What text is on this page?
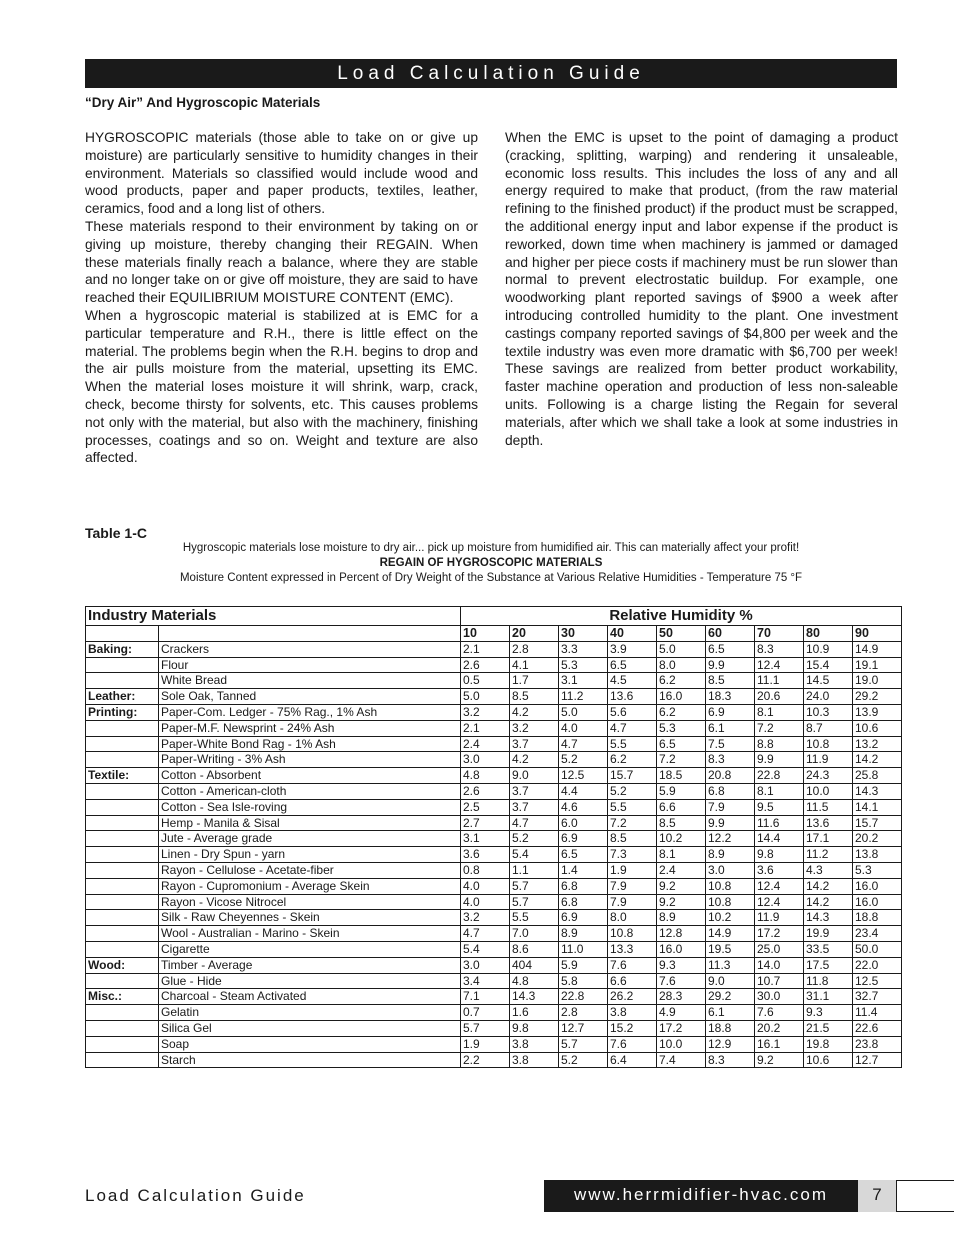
Load Calculation Guide
“Dry Air” And Hygroscopic Materials

HYGROSCOPIC materials (those able to take on or give up moisture) are particularly sensitive to humidity changes in their environment. Materials so classified would include wood and wood products, paper and paper products, textiles, leather, ceramics, food and a long list of others.

These materials respond to their environment by taking on or giving up moisture, thereby changing their REGAIN. When these materials finally reach a balance, where they are stable and no longer take on or give off moisture, they are said to have reached their EQUILIBRIUM MOISTURE CONTENT (EMC).

When a hygroscopic material is stabilized at is EMC for a particular temperature and R.H., there is little effect on the material. The problems begin when the R.H. begins to drop and the air pulls moisture from the material, upsetting its EMC. When the material loses moisture it will shrink, warp, crack, check, become thirsty for solvents, etc. This causes problems not only with the material, but also with the machinery, finishing processes, coatings and so on. Weight and texture are also affected.

When the EMC is upset to the point of damaging a product (cracking, splitting, warping) and rendering it unsaleable, economic loss results. This includes the loss of any and all energy required to make that product, (from the raw material refining to the finished product) if the product must be scrapped, the additional energy input and labor expense if the product is reworked, down time when machinery is jammed or damaged and higher per piece costs if machinery must be run slower than normal to prevent electrostatic buildup. For example, one woodworking plant reported savings of $900 a week after introducing controlled humidity to the plant. One investment castings company reported savings of $4,800 per week and the textile industry was even more dramatic with $6,700 per week! These savings are realized from better product workability, faster machine operation and production of less non-saleable units. Following is a charge listing the Regain for several materials, after which we shall take a look at some industries in depth.

Table 1-C
Hygroscopic materials lose moisture to dry air... pick up moisture from humidified air. This can materially affect your profit!
REGAIN OF HYGROSCOPIC MATERIALS
Moisture Content expressed in Percent of Dry Weight of the Substance at Various Relative Humidities - Temperature 75 °F
Industry Materials		Relative Humidity %								
		10	20	30	40	50	60	70	80	90
Baking:	Crackers	2.1	2.8	3.3	3.9	5.0	6.5	8.3	10.9	14.9
	Flour	2.6	4.1	5.3	6.5	8.0	9.9	12.4	15.4	19.1
	White Bread	0.5	1.7	3.1	4.5	6.2	8.5	11.1	14.5	19.0
Leather:	Sole Oak, Tanned	5.0	8.5	11.2	13.6	16.0	18.3	20.6	24.0	29.2
Printing:	Paper-Com. Ledger - 75% Rag., 1% Ash	3.2	4.2	5.0	5.6	6.2	6.9	8.1	10.3	13.9
	Paper-M.F. Newsprint - 24% Ash	2.1	3.2	4.0	4.7	5.3	6.1	7.2	8.7	10.6
	Paper-White Bond Rag - 1% Ash	2.4	3.7	4.7	5.5	6.5	7.5	8.8	10.8	13.2
	Paper-Writing - 3% Ash	3.0	4.2	5.2	6.2	7.2	8.3	9.9	11.9	14.2
Textile:	Cotton - Absorbent	4.8	9.0	12.5	15.7	18.5	20.8	22.8	24.3	25.8
	Cotton - American-cloth	2.6	3.7	4.4	5.2	5.9	6.8	8.1	10.0	14.3
	Cotton - Sea Isle-roving	2.5	3.7	4.6	5.5	6.6	7.9	9.5	11.5	14.1
	Hemp - Manila & Sisal	2.7	4.7	6.0	7.2	8.5	9.9	11.6	13.6	15.7
	Jute - Average grade	3.1	5.2	6.9	8.5	10.2	12.2	14.4	17.1	20.2
	Linen - Dry Spun - yarn	3.6	5.4	6.5	7.3	8.1	8.9	9.8	11.2	13.8
	Rayon - Cellulose - Acetate-fiber	0.8	1.1	1.4	1.9	2.4	3.0	3.6	4.3	5.3
	Rayon - Cupromonium - Average Skein	4.0	5.7	6.8	7.9	9.2	10.8	12.4	14.2	16.0
	Rayon - Vicose Nitrocel	4.0	5.7	6.8	7.9	9.2	10.8	12.4	14.2	16.0
	Silk - Raw Cheyennes - Skein	3.2	5.5	6.9	8.0	8.9	10.2	11.9	14.3	18.8
	Wool - Australian - Marino - Skein	4.7	7.0	8.9	10.8	12.8	14.9	17.2	19.9	23.4
	Cigarette	5.4	8.6	11.0	13.3	16.0	19.5	25.0	33.5	50.0
Wood:	Timber - Average	3.0	404	5.9	7.6	9.3	11.3	14.0	17.5	22.0
	Glue - Hide	3.4	4.8	5.8	6.6	7.6	9.0	10.7	11.8	12.5
Misc.:	Charcoal - Steam Activated	7.1	14.3	22.8	26.2	28.3	29.2	30.0	31.1	32.7
	Gelatin	0.7	1.6	2.8	3.8	4.9	6.1	7.6	9.3	11.4
	Silica Gel	5.7	9.8	12.7	15.2	17.2	18.8	20.2	21.5	22.6
	Soap	1.9	3.8	5.7	7.6	10.0	12.9	16.1	19.8	23.8
	Starch	2.2	3.8	5.2	6.4	7.4	8.3	9.2	10.6	12.7
Load Calculation Guide	www.herrmidifier-hvac.com	7
